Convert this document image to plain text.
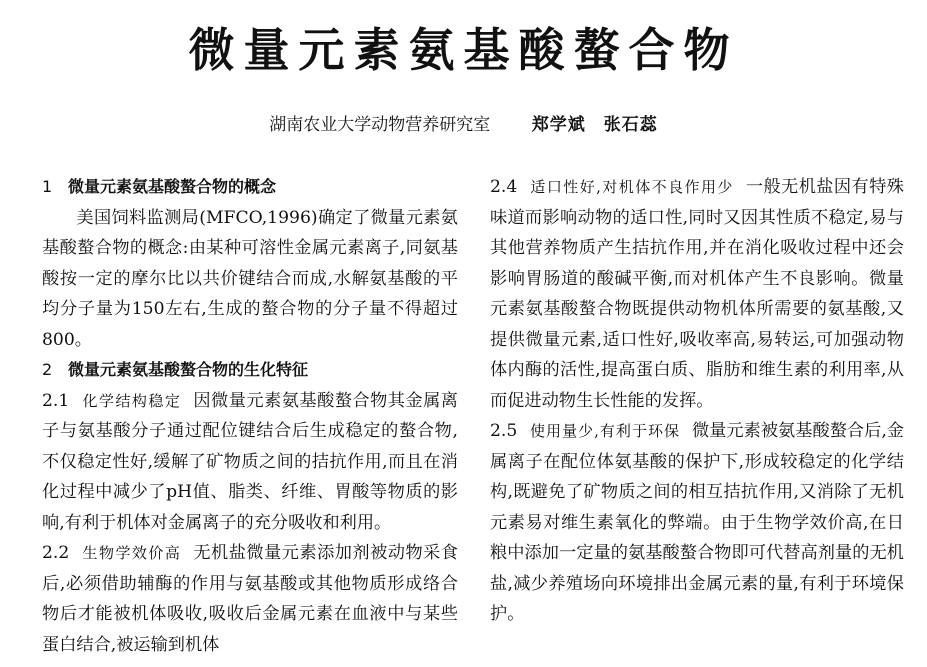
微量元素氨基酸螯合物
湖南农业大学动物营养研究室 郑学斌 张石蕊

1 微量元素氨基酸螯合物的概念

美国饲料监测局(MFCO,1996)确定了微量元素氨基酸螯合物的概念:由某种可溶性金属元素离子,同氨基酸按一定的摩尔比以共价键结合而成,水解氨基酸的平均分子量为150左右,生成的螯合物的分子量不得超过800。

2 微量元素氨基酸螯合物的生化特征

2.1 化学结构稳定 因微量元素氨基酸螯合物其金属离子与氨基酸分子通过配位键结合后生成稳定的螯合物,不仅稳定性好,缓解了矿物质之间的拮抗作用,而且在消化过程中减少了pH值、脂类、纤维、胃酸等物质的影响,有利于机体对金属离子的充分吸收和利用。

2.2 生物学效价高 无机盐微量元素添加剂被动物采食后,必须借助辅酶的作用与氨基酸或其他物质形成络合物后才能被机体吸收,吸收后金属元素在血液中与某些蛋白结合,被运输到机体

2.4 适口性好,对机体不良作用少 一般无机盐因有特殊味道而影响动物的适口性,同时又因其性质不稳定,易与其他营养物质产生拮抗作用,并在消化吸收过程中还会影响胃肠道的酸碱平衡,而对机体产生不良影响。微量元素氨基酸螯合物既提供动物机体所需要的氨基酸,又提供微量元素,适口性好,吸收率高,易转运,可加强动物体内酶的活性,提高蛋白质、脂肪和维生素的利用率,从而促进动物生长性能的发挥。

2.5 使用量少,有利于环保 微量元素被氨基酸螯合后,金属离子在配位体氨基酸的保护下,形成较稳定的化学结构,既避免了矿物质之间的相互拮抗作用,又消除了无机元素易对维生素氧化的弊端。由于生物学效价高,在日粮中添加一定量的氨基酸螯合物即可代替高剂量的无机盐,减少养殖场向环境排出金属元素的量,有利于环境保护。
